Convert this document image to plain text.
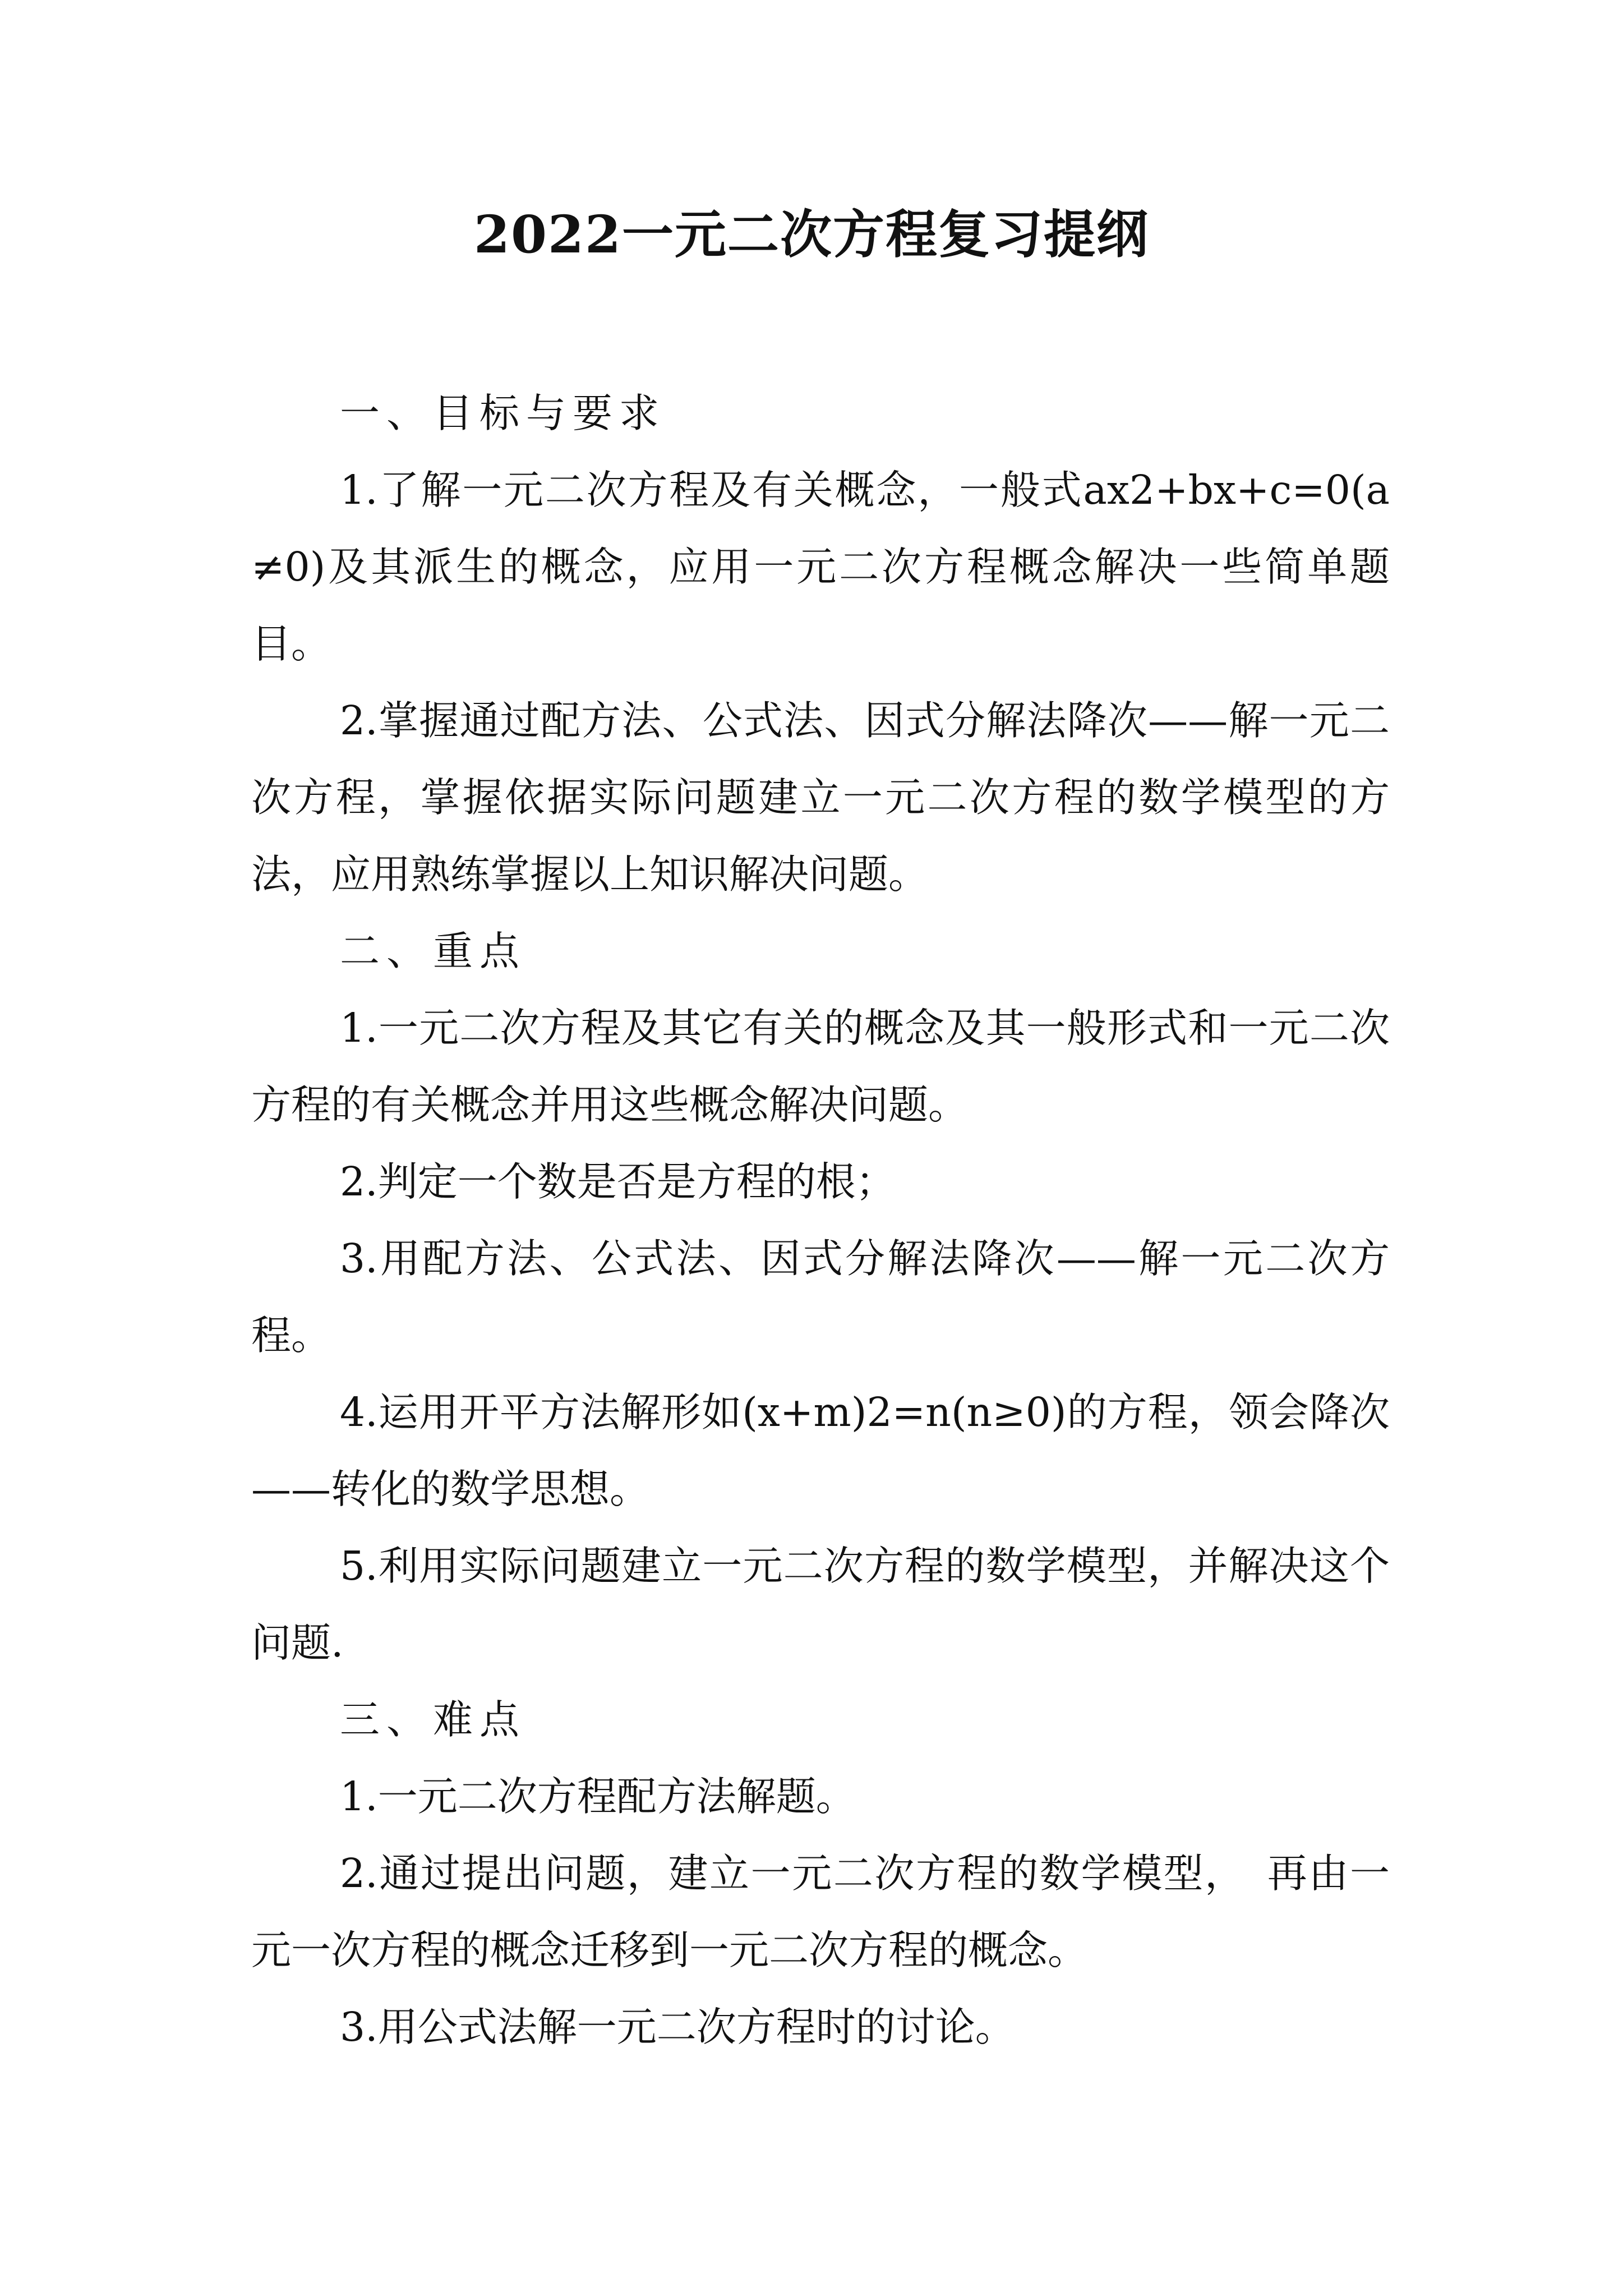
2022一元二次方程复习提纲

一、目标与要求

1.了解一元二次方程及有关概念，一般式ax2+bx+c=0(a≠0)及其派生的概念，应用一元二次方程概念解决一些简单题目。

2.掌握通过配方法、公式法、因式分解法降次——解一元二次方程，掌握依据实际问题建立一元二次方程的数学模型的方法，应用熟练掌握以上知识解决问题。

二、重点

1.一元二次方程及其它有关的概念及其一般形式和一元二次方程的有关概念并用这些概念解决问题。

2.判定一个数是否是方程的根；

3.用配方法、公式法、因式分解法降次——解一元二次方程。

4.运用开平方法解形如(x+m)2=n(n≥0)的方程，领会降次——转化的数学思想。

5.利用实际问题建立一元二次方程的数学模型，并解决这个问题.

三、难点

1.一元二次方程配方法解题。

2.通过提出问题，建立一元二次方程的数学模型，　再由一元一次方程的概念迁移到一元二次方程的概念。

3.用公式法解一元二次方程时的讨论。
